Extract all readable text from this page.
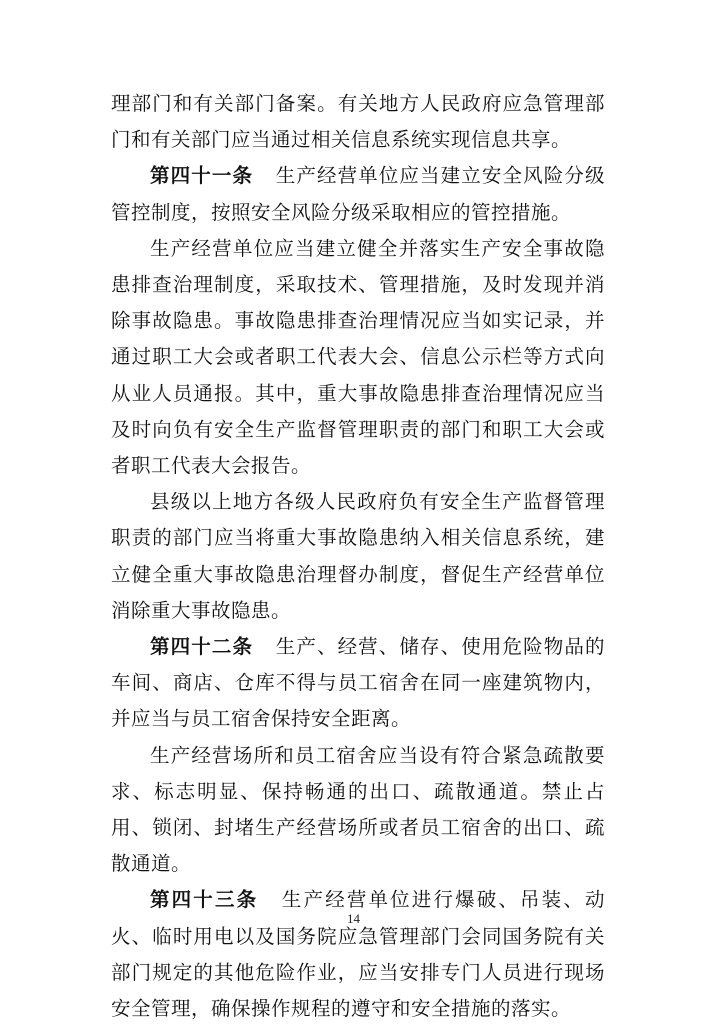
理部门和有关部门备案。有关地方人民政府应急管理部门和有关部门应当通过相关信息系统实现信息共享。

第四十一条 生产经营单位应当建立安全风险分级管控制度，按照安全风险分级采取相应的管控措施。

生产经营单位应当建立健全并落实生产安全事故隐患排查治理制度，采取技术、管理措施，及时发现并消除事故隐患。事故隐患排查治理情况应当如实记录，并通过职工大会或者职工代表大会、信息公示栏等方式向从业人员通报。其中，重大事故隐患排查治理情况应当及时向负有安全生产监督管理职责的部门和职工大会或者职工代表大会报告。

县级以上地方各级人民政府负有安全生产监督管理职责的部门应当将重大事故隐患纳入相关信息系统，建立健全重大事故隐患治理督办制度，督促生产经营单位消除重大事故隐患。

第四十二条 生产、经营、储存、使用危险物品的车间、商店、仓库不得与员工宿舍在同一座建筑物内，并应当与员工宿舍保持安全距离。

生产经营场所和员工宿舍应当设有符合紧急疏散要求、标志明显、保持畅通的出口、疏散通道。禁止占用、锁闭、封堵生产经营场所或者员工宿舍的出口、疏散通道。

第四十三条 生产经营单位进行爆破、吊装、动火、临时用电以及国务院应急管理部门会同国务院有关部门规定的其他危险作业，应当安排专门人员进行现场安全管理，确保操作规程的遵守和安全措施的落实。

14
